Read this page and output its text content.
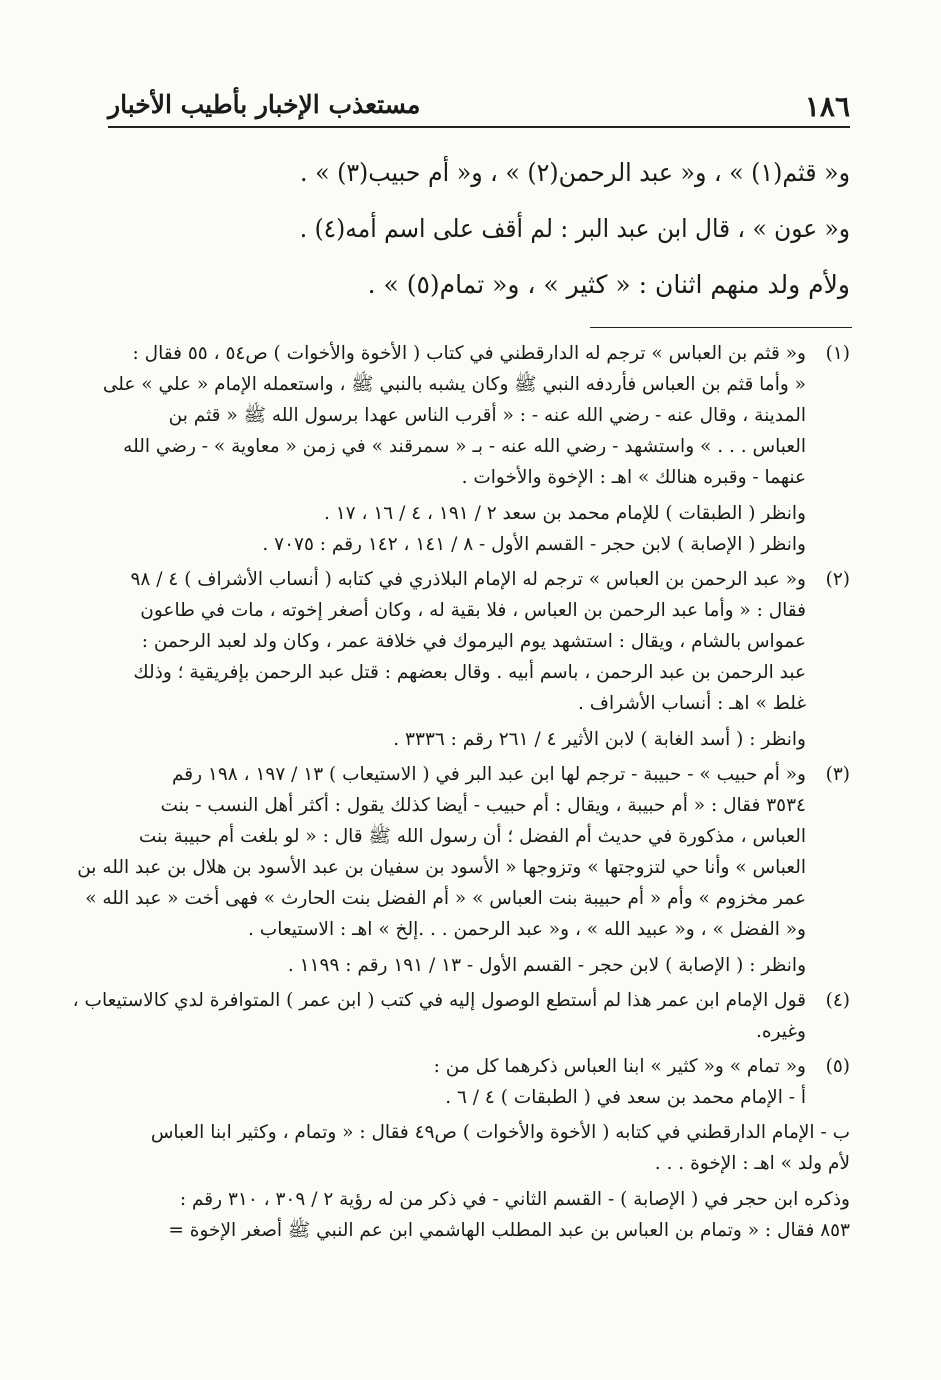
١٨٦
مستعذب الإخبار بأطيب الأخبار
و« قثم(١) » ، و« عبد الرحمن(٢) » ، و« أم حبيب(٣) » .
و« عون » ، قال ابن عبد البر : لم أقف على اسم أمه(٤) .
ولأم ولد منهم اثنان : « كثير » ، و« تمام(٥) » .
(١)
و« قثم بن العباس » ترجم له الدارقطني في كتاب ( الأخوة والأخوات ) ص٥٤ ، ٥٥ فقال :
« وأما قثم بن العباس فأردفه النبي ﷺ وكان يشبه بالنبي ﷺ ، واستعمله الإمام « علي » على
المدينة ، وقال عنه - رضي الله عنه - : « أقرب الناس عهدا برسول الله ﷺ « قثم بن
العباس . . . » واستشهد - رضي الله عنه - بـ « سمرقند » في زمن « معاوية » - رضي الله
عنهما - وقبره هنالك » اهـ : الإخوة والأخوات .
وانظر ( الطبقات ) للإمام محمد بن سعد ٢ / ١٩١ ، ٤ / ١٦ ، ١٧ .
وانظر ( الإصابة ) لابن حجر - القسم الأول - ٨ / ١٤١ ، ١٤٢ رقم : ٧٠٧٥ .
(٢)
و« عبد الرحمن بن العباس » ترجم له الإمام البلاذري في كتابه ( أنساب الأشراف ) ٤ / ٩٨
فقال : « وأما عبد الرحمن بن العباس ، فلا بقية له ، وكان أصغر إخوته ، مات في طاعون
عمواس بالشام ، ويقال : استشهد يوم اليرموك في خلافة عمر ، وكان ولد لعبد الرحمن :
عبد الرحمن بن عبد الرحمن ، باسم أبيه . وقال بعضهم : قتل عبد الرحمن بإفريقية ؛ وذلك
غلط » اهـ : أنساب الأشراف .
وانظر : ( أسد الغابة ) لابن الأثير ٤ / ٢٦١ رقم : ٣٣٣٦ .
(٣)
و« أم حبيب » - حبيبة - ترجم لها ابن عبد البر في ( الاستيعاب ) ١٣ / ١٩٧ ، ١٩٨ رقم
٣٥٣٤ فقال : « أم حبيبة ، ويقال : أم حبيب - أيضا كذلك يقول : أكثر أهل النسب - بنت
العباس ، مذكورة في حديث أم الفضل ؛ أن رسول الله ﷺ قال : « لو بلغت أم حبيبة بنت
العباس » وأنا حي لتزوجتها » وتزوجها « الأسود بن سفيان بن عبد الأسود بن هلال بن عبد الله بن
عمر مخزوم » وأم « أم حبيبة بنت العباس » « أم الفضل بنت الحارث » فهى أخت « عبد الله »
و« الفضل » ، و« عبيد الله » ، و« عبد الرحمن . . .إلخ » اهـ : الاستيعاب .
وانظر : ( الإصابة ) لابن حجر - القسم الأول - ١٣ / ١٩١ رقم : ١١٩٩ .
(٤)
قول الإمام ابن عمر هذا لم أستطع الوصول إليه في كتب ( ابن عمر ) المتوافرة لدي كالاستيعاب ،
وغيره.
(٥)
و« تمام » و« كثير » ابنا العباس ذكرهما كل من :
أ - الإمام محمد بن سعد في ( الطبقات ) ٤ / ٦ .
ب - الإمام الدارقطني في كتابه ( الأخوة والأخوات ) ص٤٩ فقال : « وتمام ، وكثير ابنا العباس
لأم ولد » اهـ : الإخوة . . .
وذكره ابن حجر في ( الإصابة ) - القسم الثاني - في ذكر من له رؤية ٢ / ٣٠٩ ، ٣١٠ رقم :
٨٥٣ فقال : « وتمام بن العباس بن عبد المطلب الهاشمي ابن عم النبي ﷺ أصغر الإخوة =
